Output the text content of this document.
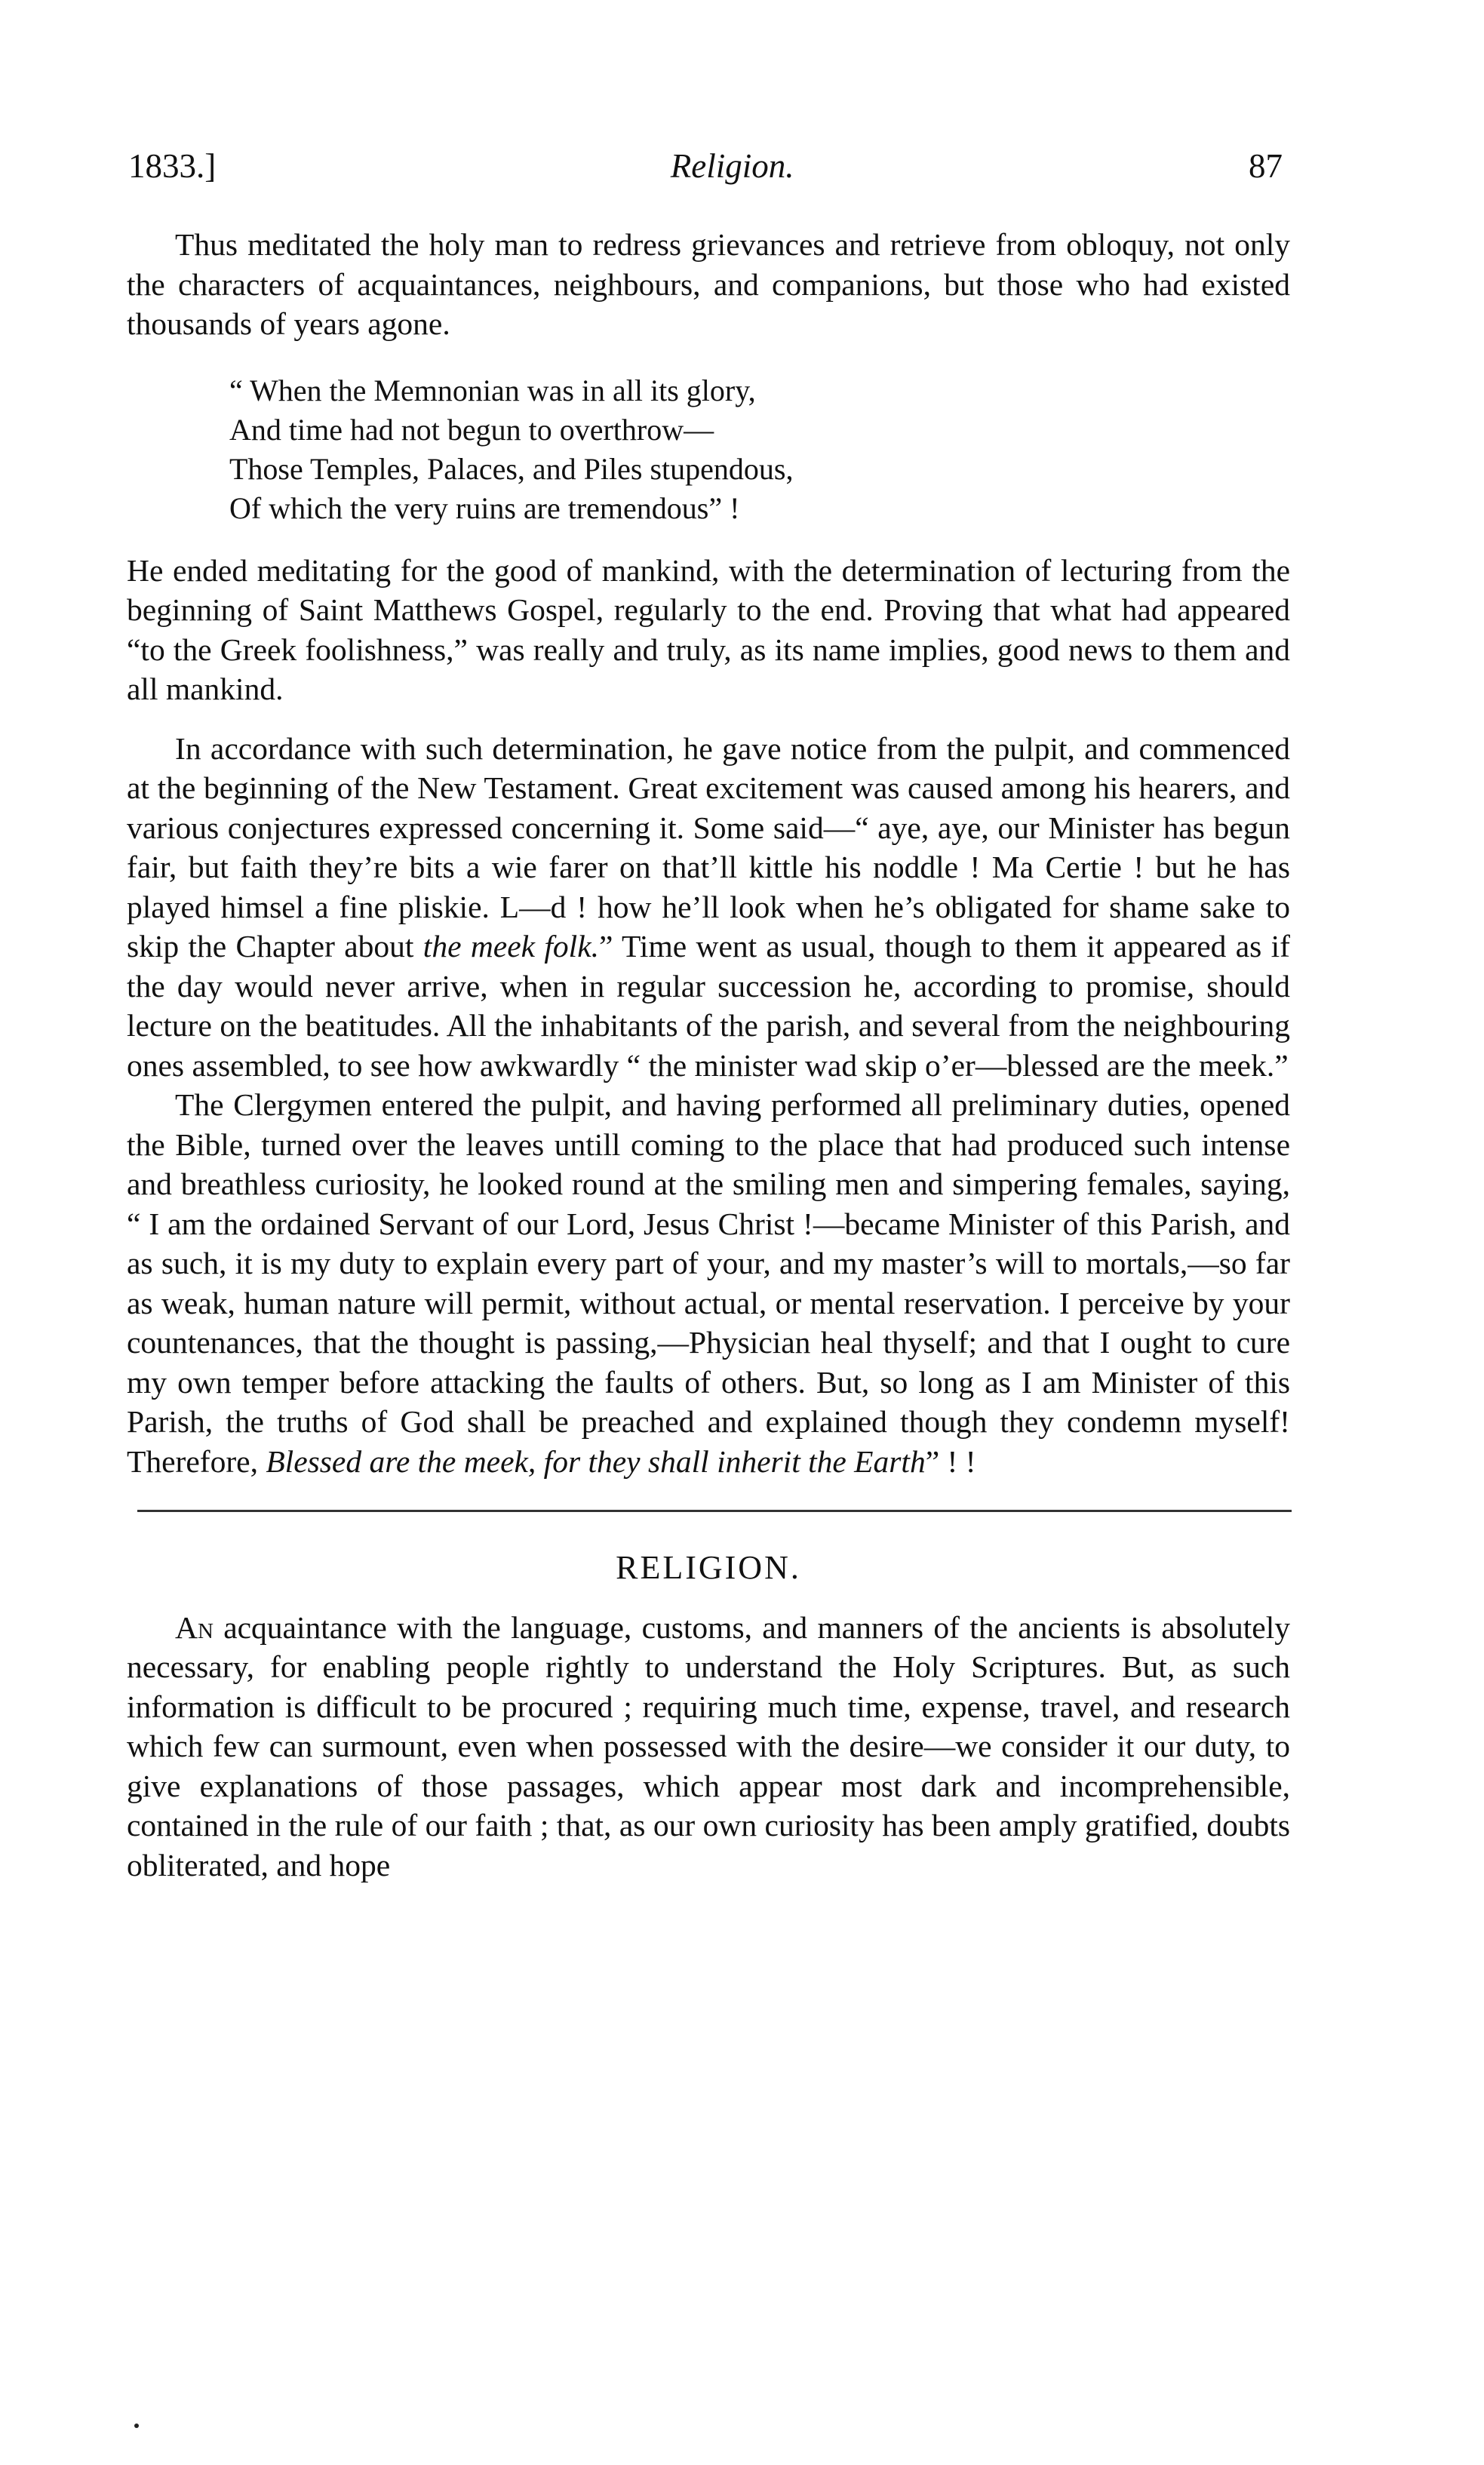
1833.]	Religion.	87

Thus meditated the holy man to redress grievances and retrieve from obloquy, not only the characters of acquaintances, neighbours, and companions, but those who had existed thousands of years agone.

“ When the Memnonian was in all its glory,
And time had not begun to overthrow—
Those Temples, Palaces, and Piles stupendous,
Of which the very ruins are tremendous” !

He ended meditating for the good of mankind, with the determination of lecturing from the beginning of Saint Matthews Gospel, regularly to the end. Proving that what had appeared “to the Greek foolishness,” was really and truly, as its name implies, good news to them and all mankind.

In accordance with such determination, he gave notice from the pulpit, and commenced at the beginning of the New Testament. Great excitement was caused among his hearers, and various conjectures expressed concerning it. Some said—“ aye, aye, our Minister has begun fair, but faith they’re bits a wie farer on that’ll kittle his noddle ! Ma Certie ! but he has played himsel a fine pliskie. L—d ! how he’ll look when he’s obligated for shame sake to skip the Chapter about the meek folk.” Time went as usual, though to them it appeared as if the day would never arrive, when in regular succession he, according to promise, should lecture on the beatitudes. All the inhabitants of the parish, and several from the neighbouring ones assembled, to see how awkwardly “ the minister wad skip o’er—blessed are the meek.”

The Clergymen entered the pulpit, and having performed all preliminary duties, opened the Bible, turned over the leaves untill coming to the place that had produced such intense and breathless curiosity, he looked round at the smiling men and simpering females, saying, “ I am the ordained Servant of our Lord, Jesus Christ !—became Minister of this Parish, and as such, it is my duty to explain every part of your, and my master’s will to mortals,—so far as weak, human nature will permit, without actual, or mental reservation. I perceive by your countenances, that the thought is passing,—Physician heal thyself; and that I ought to cure my own temper before attacking the faults of others. But, so long as I am Minister of this Parish, the truths of God shall be preached and explained though they condemn myself! Therefore, Blessed are the meek, for they shall inherit the Earth” ! !

RELIGION.

An acquaintance with the language, customs, and manners of the ancients is absolutely necessary, for enabling people rightly to understand the Holy Scriptures. But, as such information is difficult to be procured ; requiring much time, expense, travel, and research which few can surmount, even when possessed with the desire—we consider it our duty, to give explanations of those passages, which appear most dark and incomprehensible, contained in the rule of our faith ; that, as our own curiosity has been amply gratified, doubts obliterated, and hope
